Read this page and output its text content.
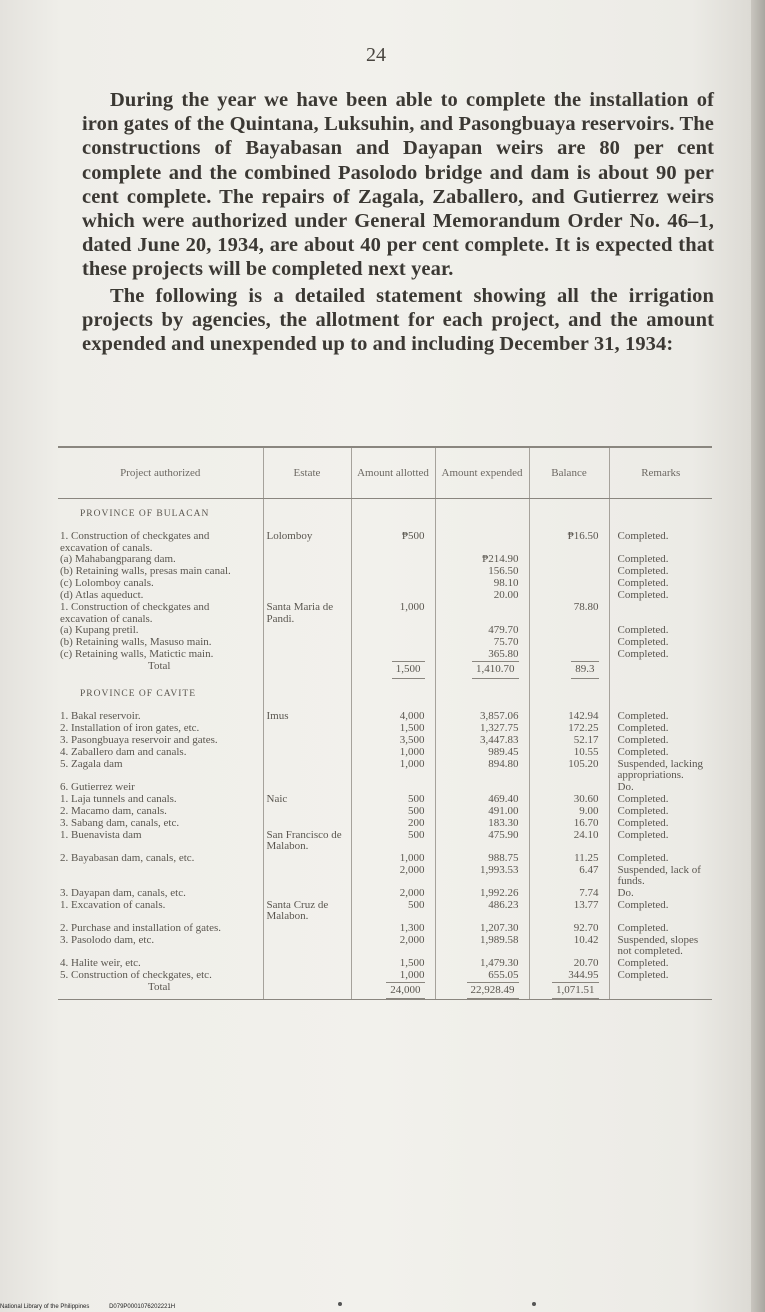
24

During the year we have been able to complete the installation of iron gates of the Quintana, Luksuhin, and Pasongbuaya reservoirs. The constructions of Bayabasan and Dayapan weirs are 80 per cent complete and the combined Pasolodo bridge and dam is about 90 per cent complete. The repairs of Zagala, Zaballero, and Gutierrez weirs which were authorized under General Memorandum Order No. 46–1, dated June 20, 1934, are about 40 per cent complete. It is expected that these projects will be completed next year.

The following is a detailed statement showing all the irrigation projects by agencies, the allotment for each project, and the amount expended and unexpended up to and including December 31, 1934:

Project authorized	Estate	Amount allotted	Amount expended	Balance	Remarks
PROVINCE OF BULACAN					
1. Construction of checkgates and excavation of canals.	Lolomboy	₱500		₱16.50	Completed.
(a) Mahabangparang dam.			₱214.90		Completed.
(b) Retaining walls, presas main canal.			156.50		Completed.
(c) Lolomboy canals.			98.10		Completed.
(d) Atlas aqueduct.			20.00		Completed.
1. Construction of checkgates and excavation of canals.	Santa Maria de Pandi.	1,000		78.80	
(a) Kupang pretil.			479.70		Completed.
(b) Retaining walls, Masuso main.			75.70		Completed.
(c) Retaining walls, Matictic main.			365.80		Completed.
Total		1,500	1,410.70	89.3	
PROVINCE OF CAVITE					
1. Bakal reservoir.	Imus	4,000	3,857.06	142.94	Completed.
2. Installation of iron gates, etc.		1,500	1,327.75	172.25	Completed.
3. Pasongbuaya reservoir and gates.		3,500	3,447.83	52.17	Completed.
4. Zaballero dam and canals.		1,000	989.45	10.55	Completed.
5. Zagala dam		1,000	894.80	105.20	Suspended, lacking appropriations.
6. Gutierrez weir					Do.
1. Laja tunnels and canals.	Naic	500	469.40	30.60	Completed.
2. Macamo dam, canals.		500	491.00	9.00	Completed.
3. Sabang dam, canals, etc.		200	183.30	16.70	Completed.
1. Buenavista dam	San Francisco de Malabon.	500	475.90	24.10	Completed.
2. Bayabasan dam, canals, etc.		1,000	988.75	11.25	Completed.
		2,000	1,993.53	6.47	Suspended, lack of funds.
3. Dayapan dam, canals, etc.		2,000	1,992.26	7.74	Do.
1. Excavation of canals.	Santa Cruz de Malabon.	500	486.23	13.77	Completed.
2. Purchase and installation of gates.		1,300	1,207.30	92.70	Completed.
3. Pasolodo dam, etc.		2,000	1,989.58	10.42	Suspended, slopes not completed.
4. Halite weir, etc.		1,500	1,479.30	20.70	Completed.
5. Construction of checkgates, etc.		1,000	655.05	344.95	Completed.
Total		24,000	22,928.49	1,071.51	
National Library of the Philippines	D079P0001076202221H
